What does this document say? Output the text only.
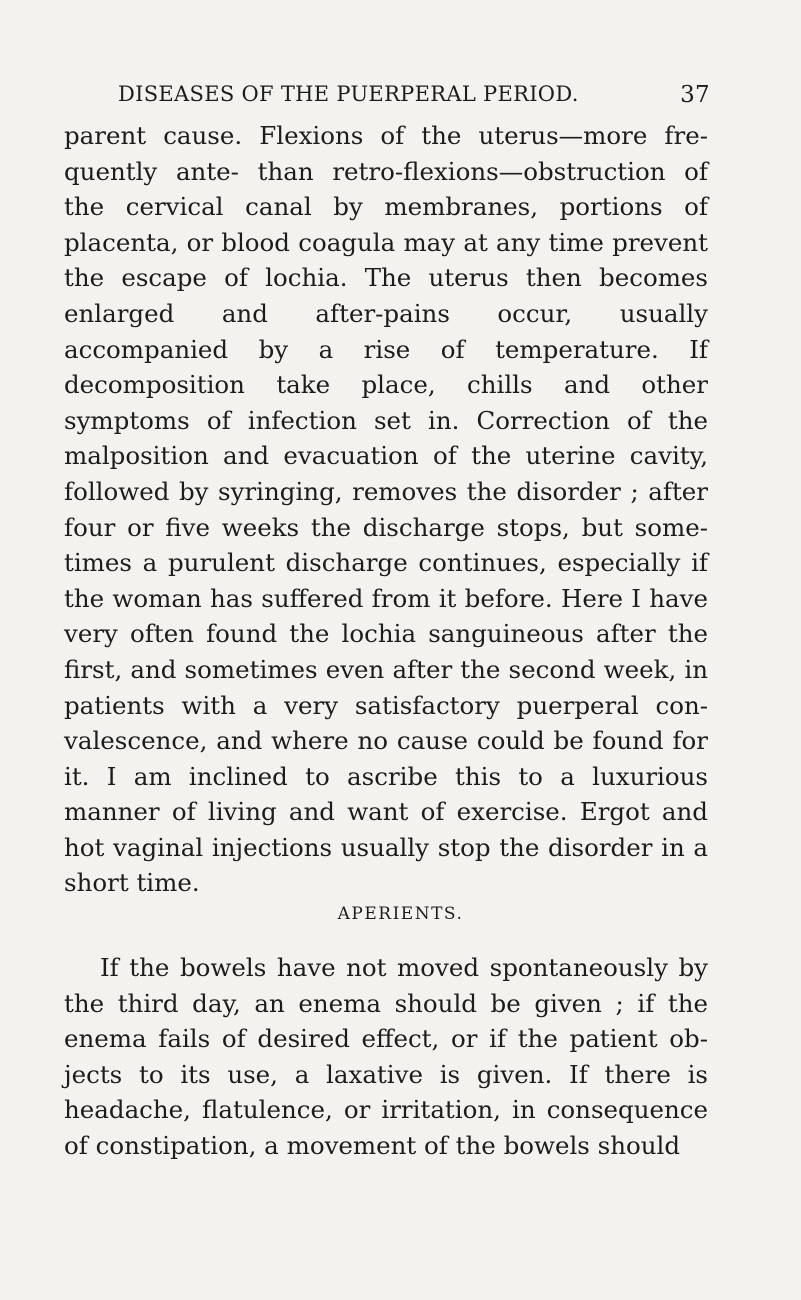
DISEASES OF THE PUERPERAL PERIOD.	37

parent cause. Flexions of the uterus—more fre- quently ante- than retro-flexions—obstruction of the cervical canal by membranes, portions of placenta, or blood coagula may at any time prevent the escape of lochia. The uterus then becomes enlarged and after-pains occur, usually accompanied by a rise of temperature. If decomposition take place, chills and other symptoms of infection set in. Correction of the malposition and evacuation of the uterine cavity, followed by syringing, removes the disorder ; after four or five weeks the discharge stops, but some- times a purulent discharge continues, especially if the woman has suffered from it before. Here I have very often found the lochia sanguineous after the first, and sometimes even after the second week, in patients with a very satisfactory puerperal con- valescence, and where no cause could be found for it. I am inclined to ascribe this to a luxurious manner of living and want of exercise. Ergot and hot vaginal injections usually stop the disorder in a short time.

APERIENTS.

If the bowels have not moved spontaneously by the third day, an enema should be given ; if the enema fails of desired effect, or if the patient ob- jects to its use, a laxative is given. If there is headache, flatulence, or irritation, in consequence of constipation, a movement of the bowels should
